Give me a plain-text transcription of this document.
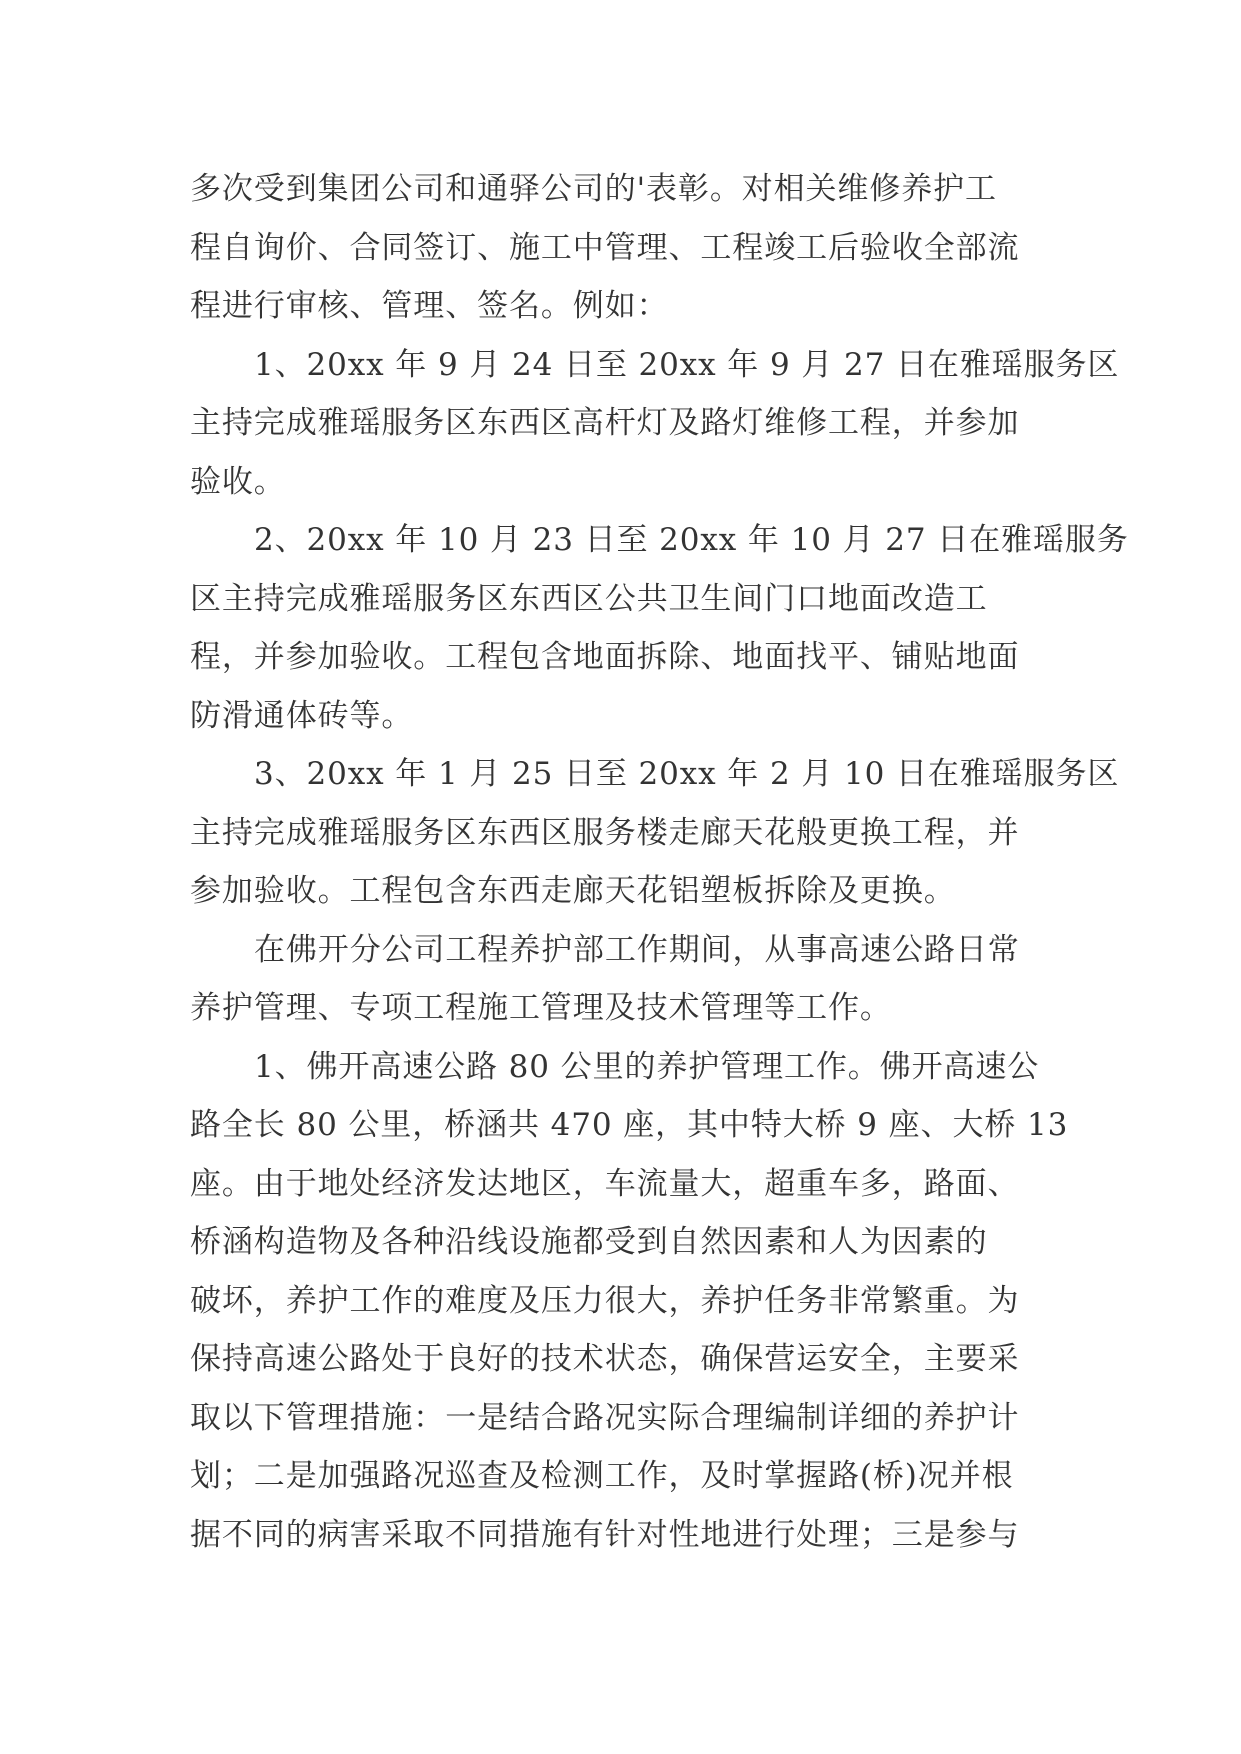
多次受到集团公司和通驿公司的'表彰。对相关维修养护工
程自询价、合同签订、施工中管理、工程竣工后验收全部流
程进行审核、管理、签名。例如：
1、20xx 年 9 月 24 日至 20xx 年 9 月 27 日在雅瑶服务区
主持完成雅瑶服务区东西区高杆灯及路灯维修工程，并参加
验收。
2、20xx 年 10 月 23 日至 20xx 年 10 月 27 日在雅瑶服务
区主持完成雅瑶服务区东西区公共卫生间门口地面改造工
程，并参加验收。工程包含地面拆除、地面找平、铺贴地面
防滑通体砖等。
3、20xx 年 1 月 25 日至 20xx 年 2 月 10 日在雅瑶服务区
主持完成雅瑶服务区东西区服务楼走廊天花般更换工程，并
参加验收。工程包含东西走廊天花铝塑板拆除及更换。
在佛开分公司工程养护部工作期间，从事高速公路日常
养护管理、专项工程施工管理及技术管理等工作。
1、佛开高速公路 80 公里的养护管理工作。佛开高速公
路全长 80 公里，桥涵共 470 座，其中特大桥 9 座、大桥 13
座。由于地处经济发达地区，车流量大，超重车多，路面、
桥涵构造物及各种沿线设施都受到自然因素和人为因素的
破坏，养护工作的难度及压力很大，养护任务非常繁重。为
保持高速公路处于良好的技术状态，确保营运安全，主要采
取以下管理措施：一是结合路况实际合理编制详细的养护计
划；二是加强路况巡查及检测工作，及时掌握路(桥)况并根
据不同的病害采取不同措施有针对性地进行处理；三是参与
